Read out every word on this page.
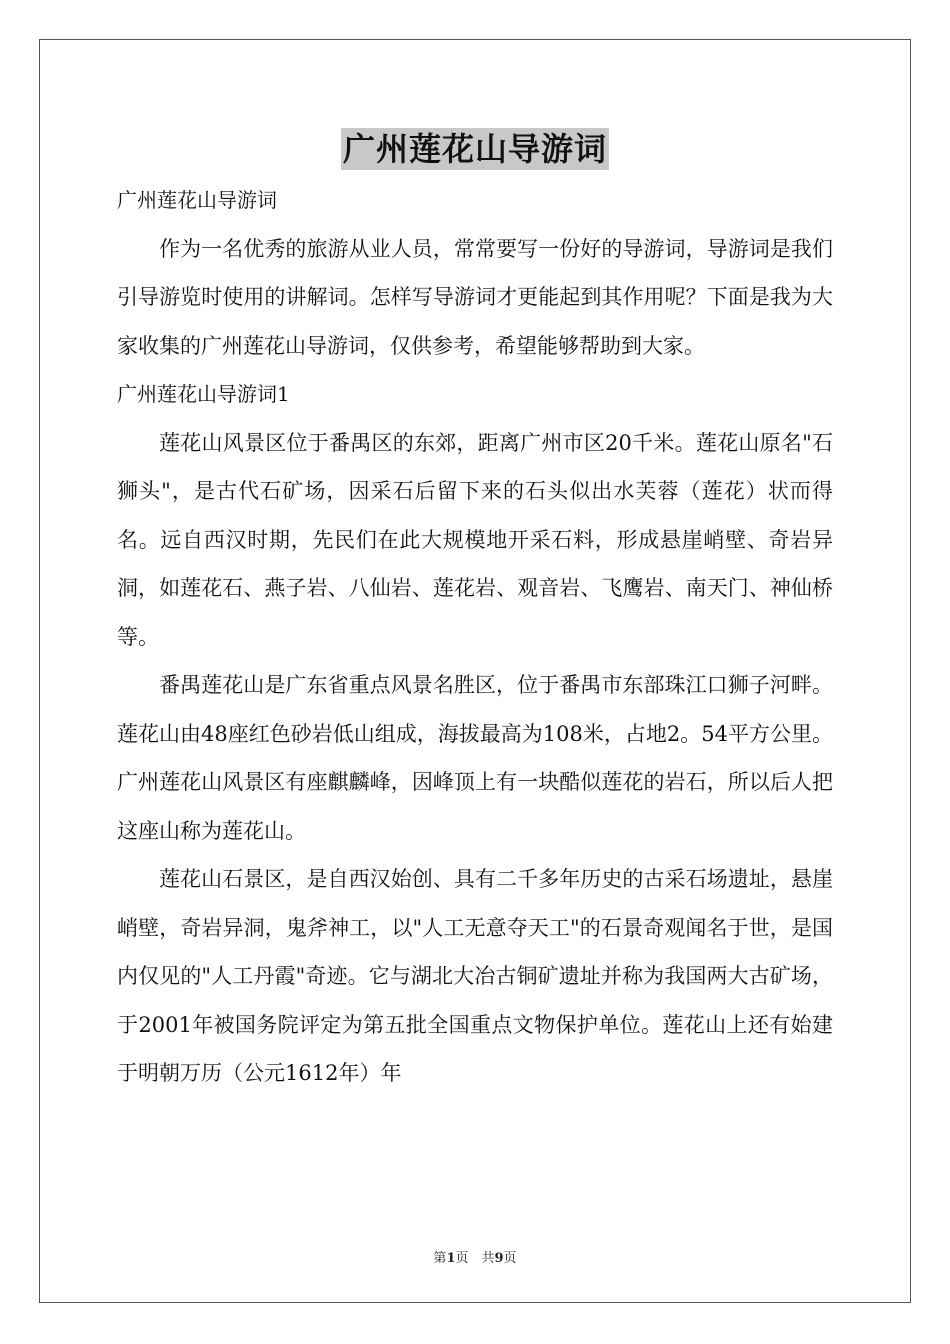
广州莲花山导游词

广州莲花山导游词

作为一名优秀的旅游从业人员，常常要写一份好的导游词，导游词是我们引导游览时使用的讲解词。怎样写导游词才更能起到其作用呢？下面是我为大家收集的广州莲花山导游词，仅供参考，希望能够帮助到大家。

广州莲花山导游词1

莲花山风景区位于番禺区的东郊，距离广州市区20千米。莲花山原名"石狮头"，是古代石矿场，因采石后留下来的石头似出水芙蓉（莲花）状而得名。远自西汉时期，先民们在此大规模地开采石料，形成悬崖峭壁、奇岩异洞，如莲花石、燕子岩、八仙岩、莲花岩、观音岩、飞鹰岩、南天门、神仙桥等。

番禺莲花山是广东省重点风景名胜区，位于番禺市东部珠江口狮子河畔。莲花山由48座红色砂岩低山组成，海拔最高为108米，占地2。54平方公里。广州莲花山风景区有座麒麟峰，因峰顶上有一块酷似莲花的岩石，所以后人把这座山称为莲花山。

莲花山石景区，是自西汉始创、具有二千多年历史的古采石场遗址，悬崖峭壁，奇岩异洞，鬼斧神工，以"人工无意夺天工"的石景奇观闻名于世，是国内仅见的"人工丹霞"奇迹。它与湖北大冶古铜矿遗址并称为我国两大古矿场，于2001年被国务院评定为第五批全国重点文物保护单位。莲花山上还有始建于明朝万历（公元1612年）年

第1页　共9页
